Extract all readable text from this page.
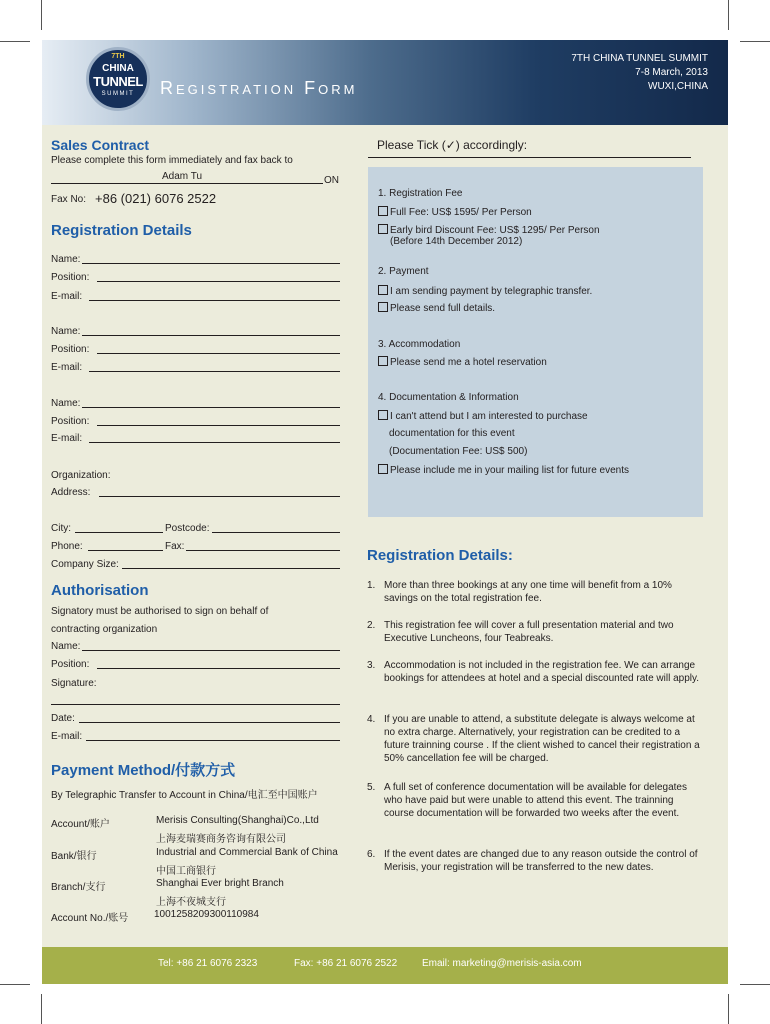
7TH
CHINA
TUNNEL
SUMMIT	Registration Form
7TH CHINA TUNNEL SUMMIT
7-8 March, 2013
WUXI,CHINA
Sales Contract
Please complete this form immediately and fax back to
Adam Tu	ON
Fax No: +86 (021) 6076 2522
Registration Details
Name:
Position:
E-mail:
Name:
Position:
E-mail:
Name:
Position:
E-mail:
Organization:
Address:
City:	Postcode:
Phone:	Fax:
Company Size:
Authorisation
Signatory must be authorised to sign on behalf of
contracting organization
Name:
Position:
Signature:
Date:
E-mail:
Payment Method/付款方式
By Telegraphic Transfer to Account in China/电汇至中国账户
Account/账户	Merisis Consulting(Shanghai)Co.,Ltd
上海麦瑞赛商务咨询有限公司
Bank/银行	Industrial and Commercial Bank of China
中国工商银行
Branch/支行	Shanghai Ever bright Branch
上海不夜城支行
Account No./账号	1001258209300110984
Please Tick (✓) accordingly:
1. Registration Fee
Full Fee: US$ 1595/ Per Person
Early bird Discount Fee: US$ 1295/ Per Person
(Before 14th December 2012)
2. Payment
I am sending payment by telegraphic transfer.
Please send full details.
3. Accommodation
Please send me a hotel reservation
4. Documentation & Information
I can't attend but I am interested to purchase
documentation for this event
(Documentation Fee: US$ 500)
Please include me in your mailing list for future events
Registration Details:
1. More than three bookings at any one time will benefit from a 10% savings on the total registration fee.
2. This registration fee will cover a full presentation material and two Executive Luncheons, four Teabreaks.
3. Accommodation is not included in the registration fee. We can arrange bookings for attendees at hotel and a special discounted rate will apply.
4. If you are unable to attend, a substitute delegate is always welcome at no extra charge. Alternatively, your registration can be credited to a future trainning course . If the client wished to cancel their registration a 50% cancellation fee will be charged.
5. A full set of conference documentation will be available for delegates who have paid but were unable to attend this event. The trainning course documentation will be forwarded two weeks after the event.
6. If the event dates are changed due to any reason outside the control of Merisis, your registration will be transferred to the new dates.
Tel: +86 21 6076 2323	Fax: +86 21 6076 2522 Email: marketing@merisis-asia.com
